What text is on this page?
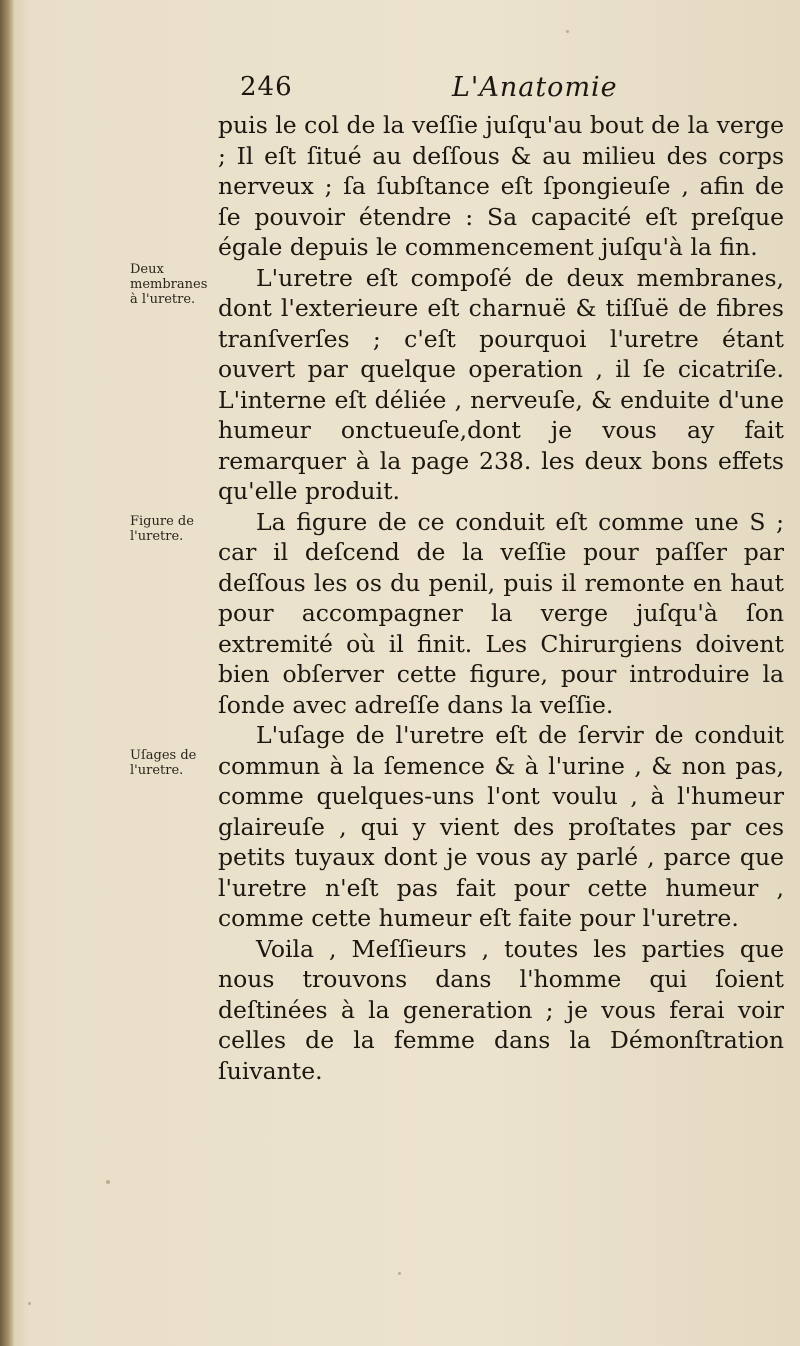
246	L'Anatomie

puis le col de la veſſie juſqu'au bout de la verge ; Il eſt ſitué au deſſous & au milieu des corps nerveux ; ſa ſubſtance eſt ſpongieuſe , afin de ſe pouvoir étendre : Sa capacité eſt preſque égale depuis le commencement juſqu'à la fin.

L'uretre eſt compoſé de deux membranes, dont l'exterieure eſt charnuë & tiſſuë de fibres tranſverſes ; c'eſt pourquoi l'uretre étant ouvert par quelque operation , il ſe cicatriſe. L'interne eſt déliée , nerveuſe, & enduite d'une humeur onctueuſe,dont je vous ay fait remarquer à la page 238. les deux bons effets qu'elle produit.

La figure de ce conduit eſt comme une S ; car il deſcend de la veſſie pour paſſer par deſſous les os du penil, puis il remonte en haut pour accompagner la verge juſqu'à ſon extremité où il finit. Les Chirurgiens doivent bien obſerver cette figure, pour introduire la ſonde avec adreſſe dans la veſſie.

L'uſage de l'uretre eſt de ſervir de conduit commun à la ſemence & à l'urine , & non pas, comme quelques-uns l'ont voulu , à l'humeur glaireuſe , qui y vient des proſtates par ces petits tuyaux dont je vous ay parlé , parce que l'uretre n'eſt pas fait pour cette humeur , comme cette humeur eſt faite pour l'uretre.

Voila , Meſſieurs , toutes les parties que nous trouvons dans l'homme qui ſoient deſtinées à la generation ; je vous ferai voir celles de la femme dans la Démonſtration ſuivante.

Deux membranes à l'uretre.
Figure de l'uretre.
Uſages de l'uretre.
